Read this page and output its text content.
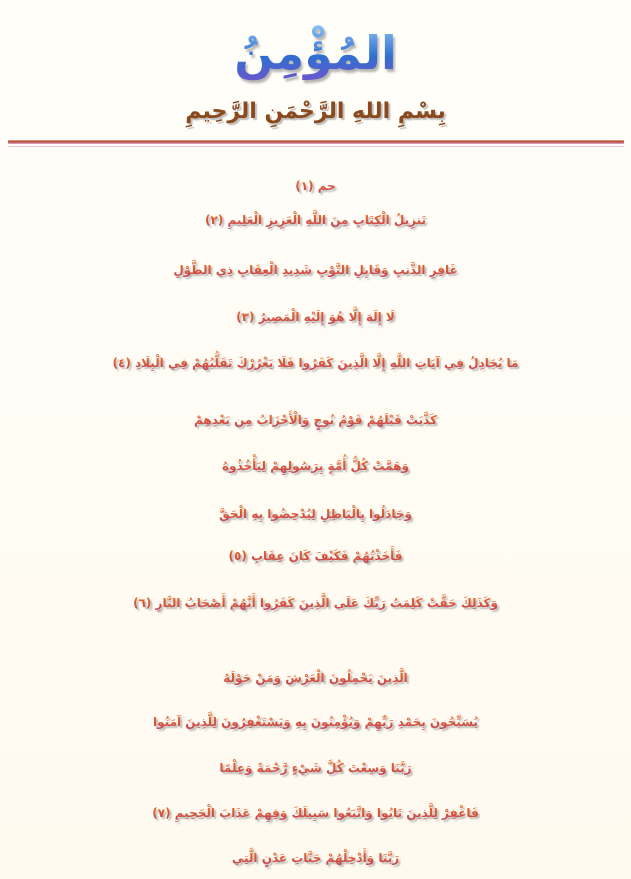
المُؤْمِنُ
بِسْمِ اللهِ الرَّحْمَنِ الرَّحِيمِ
حم (١)
تَنزِيلُ الْكِتَابِ مِنَ اللَّهِ الْعَزِيزِ الْعَلِيمِ (٢)
غَافِرِ الذَّنبِ وَقَابِلِ التَّوْبِ شَدِيدِ الْعِقَابِ ذِي الطَّوْلِ
لَا إِلَهَ إِلَّا هُوَ إِلَيْهِ الْمَصِيرُ (٣)
مَا يُجَادِلُ فِي آيَاتِ اللَّهِ إِلَّا الَّذِينَ كَفَرُوا فَلَا يَغْرُرْكَ تَقَلُّبُهُمْ فِي الْبِلَادِ (٤)
كَذَّبَتْ قَبْلَهُمْ قَوْمُ نُوحٍ وَالْأَحْزَابُ مِن بَعْدِهِمْ
وَهَمَّتْ كُلُّ أُمَّةٍ بِرَسُولِهِمْ لِيَأْخُذُوهُ
وَجَادَلُوا بِالْبَاطِلِ لِيُدْحِضُوا بِهِ الْحَقَّ
فَأَخَذْتُهُمْ فَكَيْفَ كَانَ عِقَابِ (٥)
وَكَذَلِكَ حَقَّتْ كَلِمَتُ رَبِّكَ عَلَى الَّذِينَ كَفَرُوا أَنَّهُمْ أَصْحَابُ النَّارِ (٦)
الَّذِينَ يَحْمِلُونَ الْعَرْشَ وَمَنْ حَوْلَهُ
يُسَبِّحُونَ بِحَمْدِ رَبِّهِمْ وَيُؤْمِنُونَ بِهِ وَيَسْتَغْفِرُونَ لِلَّذِينَ آمَنُوا
رَبَّنَا وَسِعْتَ كُلَّ شَيْءٍ رَّحْمَةً وَعِلْمًا
فَاغْفِرْ لِلَّذِينَ تَابُوا وَاتَّبَعُوا سَبِيلَكَ وَقِهِمْ عَذَابَ الْجَحِيمِ (٧)
رَبَّنَا وَأَدْخِلْهُمْ جَنَّاتِ عَدْنٍ الَّتِي
